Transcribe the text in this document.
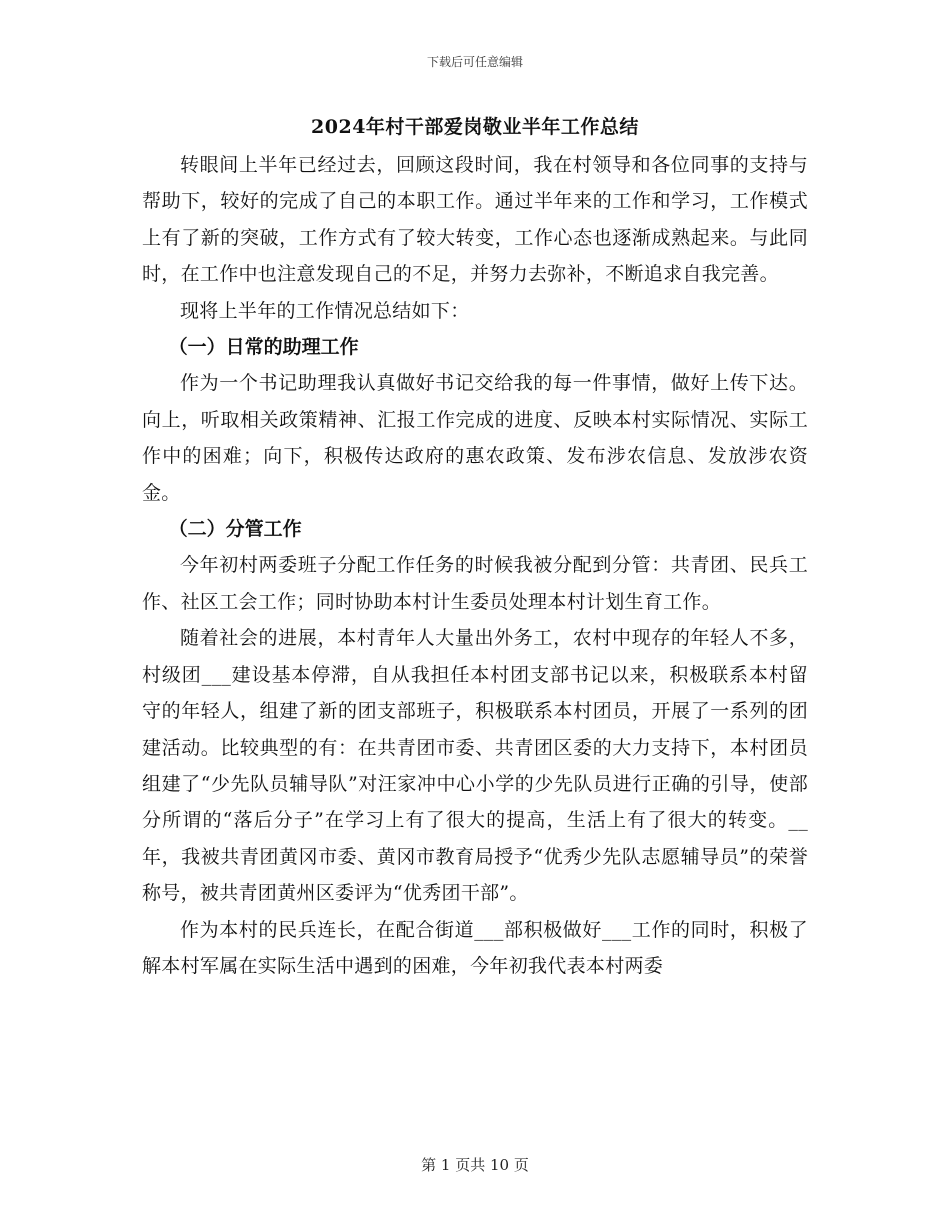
下载后可任意编辑
2024年村干部爱岗敬业半年工作总结

转眼间上半年已经过去，回顾这段时间，我在村领导和各位同事的支持与帮助下，较好的完成了自己的本职工作。通过半年来的工作和学习，工作模式上有了新的突破，工作方式有了较大转变，工作心态也逐渐成熟起来。与此同时，在工作中也注意发现自己的不足，并努力去弥补，不断追求自我完善。

现将上半年的工作情况总结如下：

（一）日常的助理工作

作为一个书记助理我认真做好书记交给我的每一件事情，做好上传下达。向上，听取相关政策精神、汇报工作完成的进度、反映本村实际情况、实际工作中的困难；向下，积极传达政府的惠农政策、发布涉农信息、发放涉农资金。

（二）分管工作

今年初村两委班子分配工作任务的时候我被分配到分管：共青团、民兵工作、社区工会工作；同时协助本村计生委员处理本村计划生育工作。

随着社会的进展，本村青年人大量出外务工，农村中现存的年轻人不多，村级团___建设基本停滞，自从我担任本村团支部书记以来，积极联系本村留守的年轻人，组建了新的团支部班子，积极联系本村团员，开展了一系列的团建活动。比较典型的有：在共青团市委、共青团区委的大力支持下，本村团员组建了“少先队员辅导队”对汪家冲中心小学的少先队员进行正确的引导，使部分所谓的“落后分子”在学习上有了很大的提高，生活上有了很大的转变。__年，我被共青团黄冈市委、黄冈市教育局授予“优秀少先队志愿辅导员”的荣誉称号，被共青团黄州区委评为“优秀团干部”。

作为本村的民兵连长，在配合街道___部积极做好___工作的同时，积极了解本村军属在实际生活中遇到的困难，今年初我代表本村两委

第 1 页共 10 页
